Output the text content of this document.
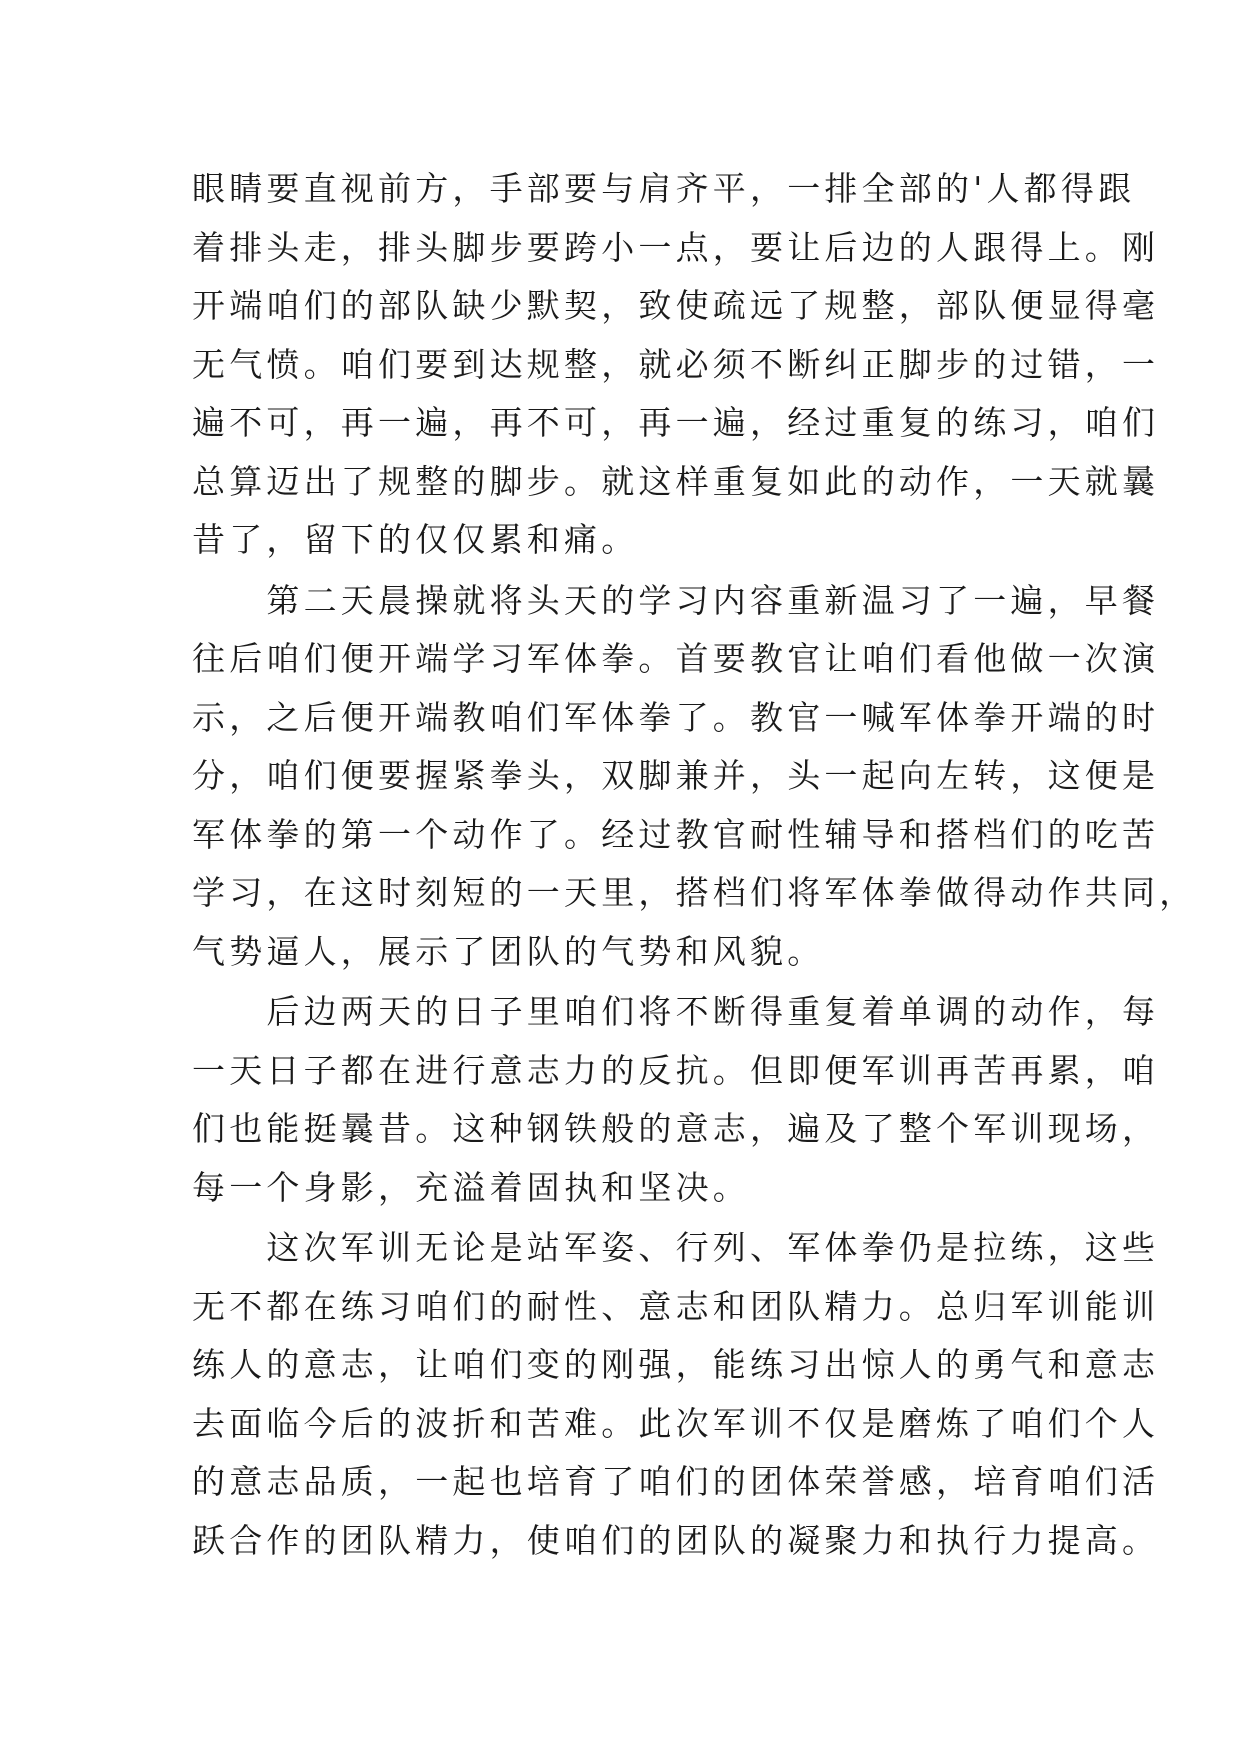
眼睛要直视前方，手部要与肩齐平，一排全部的'人都得跟
着排头走，排头脚步要跨小一点，要让后边的人跟得上。刚
开端咱们的部队缺少默契，致使疏远了规整，部队便显得毫
无气愤。咱们要到达规整，就必须不断纠正脚步的过错，一
遍不可，再一遍，再不可，再一遍，经过重复的练习，咱们
总算迈出了规整的脚步。就这样重复如此的动作，一天就曩
昔了，留下的仅仅累和痛。
　　第二天晨操就将头天的学习内容重新温习了一遍，早餐
往后咱们便开端学习军体拳。首要教官让咱们看他做一次演
示，之后便开端教咱们军体拳了。教官一喊军体拳开端的时
分，咱们便要握紧拳头，双脚兼并，头一起向左转，这便是
军体拳的第一个动作了。经过教官耐性辅导和搭档们的吃苦
学习，在这时刻短的一天里，搭档们将军体拳做得动作共同，
气势逼人，展示了团队的气势和风貌。
　　后边两天的日子里咱们将不断得重复着单调的动作，每
一天日子都在进行意志力的反抗。但即便军训再苦再累，咱
们也能挺曩昔。这种钢铁般的意志，遍及了整个军训现场，
每一个身影，充溢着固执和坚决。
　　这次军训无论是站军姿、行列、军体拳仍是拉练，这些
无不都在练习咱们的耐性、意志和团队精力。总归军训能训
练人的意志，让咱们变的刚强，能练习出惊人的勇气和意志
去面临今后的波折和苦难。此次军训不仅是磨炼了咱们个人
的意志品质，一起也培育了咱们的团体荣誉感，培育咱们活
跃合作的团队精力，使咱们的团队的凝聚力和执行力提高。
